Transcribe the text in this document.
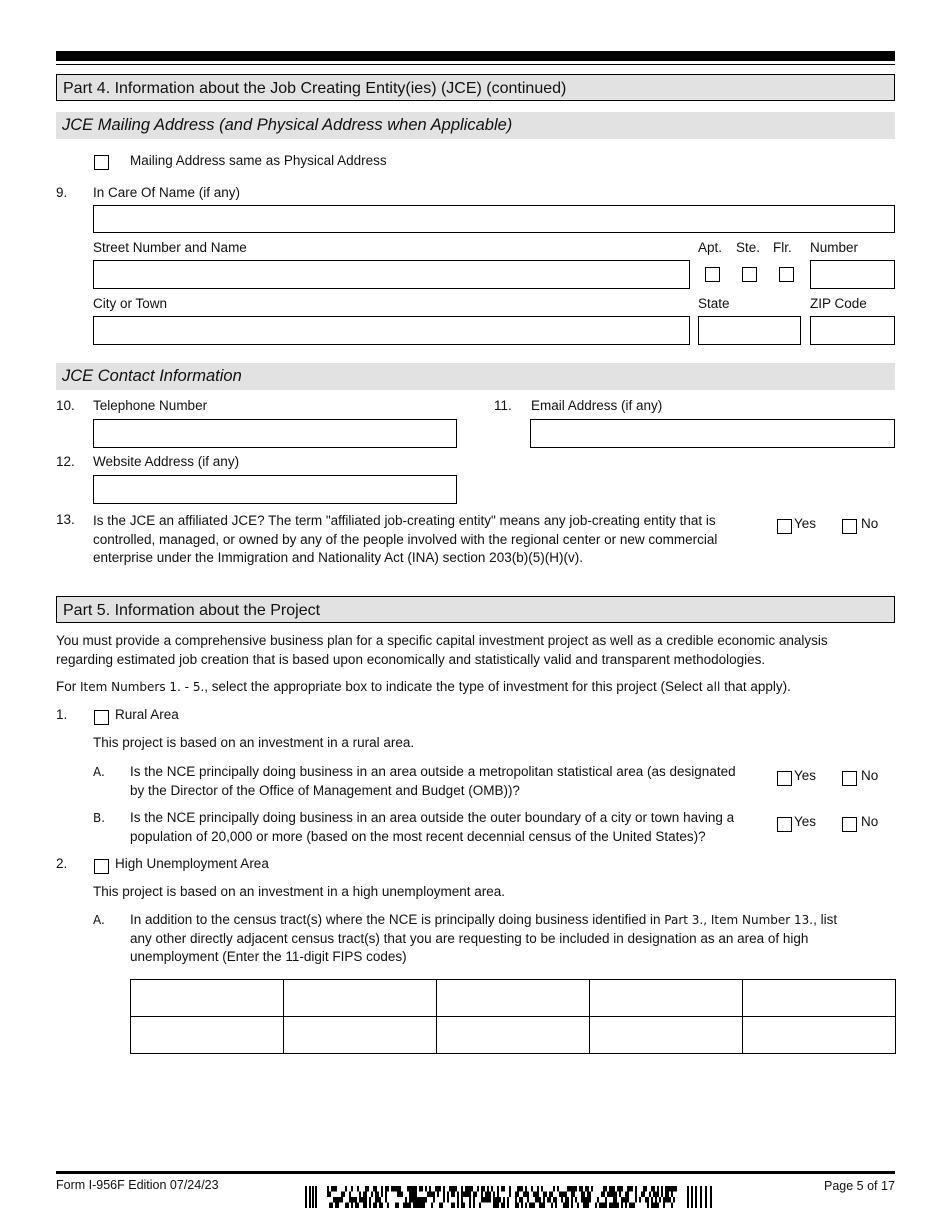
Part 4. Information about the Job Creating Entity(ies) (JCE) (continued)
JCE Mailing Address (and Physical Address when Applicable)
Mailing Address same as Physical Address
9. In Care Of Name (if any)
Street Number and Name	Apt. Ste. Flr. Number
City or Town	State	ZIP Code
JCE Contact Information
10. Telephone Number	11. Email Address (if any)
12. Website Address (if any)
13. Is the JCE an affiliated JCE? The term "affiliated job-creating entity" means any job-creating entity that is
controlled, managed, or owned by any of the people involved with the regional center or new commercial
enterprise under the Immigration and Nationality Act (INA) section 203(b)(5)(H)(v).
Yes	No
Part 5. Information about the Project
You must provide a comprehensive business plan for a specific capital investment project as well as a credible economic analysis
regarding estimated job creation that is based upon economically and statistically valid and transparent methodologies.
For Item Numbers 1. - 5., select the appropriate box to indicate the type of investment for this project (Select all that apply).
1.	Rural Area
This project is based on an investment in a rural area.
A. Is the NCE principally doing business in an area outside a metropolitan statistical area (as designated
by the Director of the Office of Management and Budget (OMB))?
Yes	No
B. Is the NCE principally doing business in an area outside the outer boundary of a city or town having a
population of 20,000 or more (based on the most recent decennial census of the United States)?
Yes	No
2.	High Unemployment Area
This project is based on an investment in a high unemployment area.
A. In addition to the census tract(s) where the NCE is principally doing business identified in Part 3., Item Number 13., list
any other directly adjacent census tract(s) that you are requesting to be included in designation as an area of high
unemployment (Enter the 11-digit FIPS codes)

Form I-956F Edition 07/24/23	Page 5 of 17
